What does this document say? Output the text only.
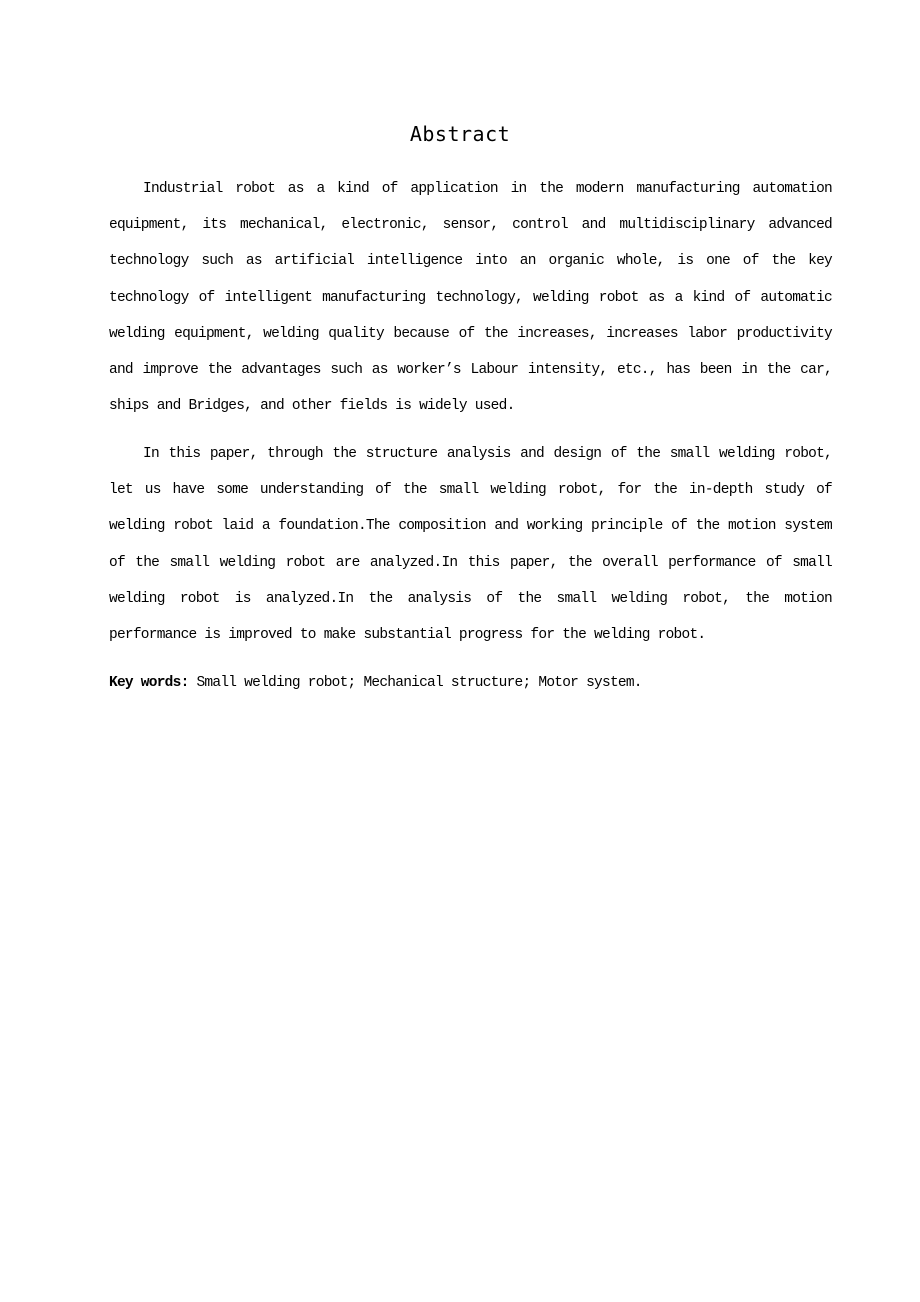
Abstract

Industrial robot as a kind of application in the modern manufacturing automation equipment, its mechanical, electronic, sensor, control and multidisciplinary advanced technology such as artificial intelligence into an organic whole, is one of the key technology of intelligent manufacturing technology, welding robot as a kind of automatic welding equipment, welding quality because of the increases, increases labor productivity and improve the advantages such as worker’s Labour intensity, etc., has been in the car, ships and Bridges, and other fields is widely used.

In this paper, through the structure analysis and design of the small welding robot, let us have some understanding of the small welding robot, for the in-depth study of welding robot laid a foundation.The composition and working principle of the motion system of the small welding robot are analyzed.In this paper, the overall performance of small welding robot is analyzed.In the analysis of the small welding robot, the motion performance is improved to make substantial progress for the welding robot.

Key words: Small welding robot; Mechanical structure; Motor system.
